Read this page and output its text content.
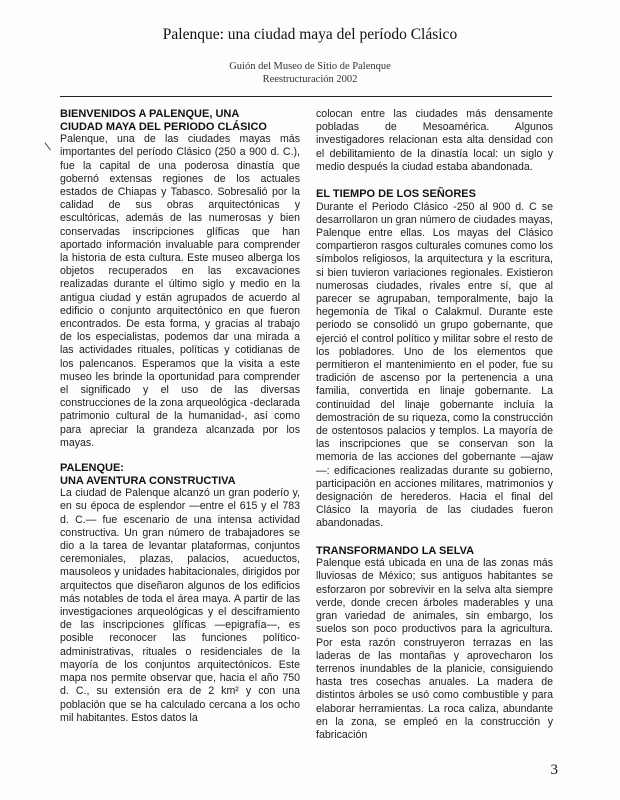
Palenque: una ciudad maya del período Clásico
Guión del Museo de Sitio de Palenque
Reestructuración 2002
\
BIENVENIDOS A PALENQUE, UNA
CIUDAD MAYA DEL PERIODO CLÁSICO

Palenque, una de las ciudades mayas más importantes del período Clásico (250 a 900 d. C.), fue la capital de una poderosa dinastía que gobernó extensas regiones de los actuales estados de Chiapas y Tabasco. Sobresalió por la calidad de sus obras arquitectónicas y escultóricas, además de las numerosas y bien conservadas inscripciones glíficas que han aportado información invaluable para comprender la historia de esta cultura. Este museo alberga los objetos recuperados en las excavaciones realizadas durante el último siglo y medio en la antigua ciudad y están agrupados de acuerdo al edificio o conjunto arquitectónico en que fueron encontrados. De esta forma, y gracias al trabajo de los especialistas, podemos dar una mirada a las actividades rituales, políticas y cotidianas de los palencanos. Esperamos que la visita a este museo les brinde la oportunidad para comprender el significado y el uso de las diversas construcciones de la zona arqueológica -declarada patrimonio cultural de la humanidad-, así como para apreciar la grandeza alcanzada por los mayas.

PALENQUE:
UNA AVENTURA CONSTRUCTIVA

La ciudad de Palenque alcanzó un gran poderío y, en su época de esplendor —entre el 615 y el 783 d. C.— fue escenario de una intensa actividad constructiva. Un gran número de trabajadores se dio a la tarea de levantar plataformas, conjuntos ceremoniales, plazas, palacios, acueductos, mausoleos y unidades habitacionales, dirigidos por arquitectos que diseñaron algunos de los edificios más notables de toda el área maya. A partir de las investigaciones arqueológicas y el desciframiento de las inscripciones glíficas —epigrafía—, es posible reconocer las funciones político-administrativas, rituales o residenciales de la mayoría de los conjuntos arquitectónicos. Este mapa nos permite observar que, hacia el año 750 d. C., su extensión era de 2 km² y con una población que se ha calculado cercana a los ocho mil habitantes. Estos datos la

colocan entre las ciudades más densamente pobladas de Mesoamérica. Algunos investigadores relacionan esta alta densidad con el debilitamiento de la dinastía local: un siglo y medio después la ciudad estaba abandonada.

EL TIEMPO DE LOS SEÑORES

Durante el Periodo Clásico -250 al 900 d. C se desarrollaron un gran número de ciudades mayas, Palenque entre ellas. Los mayas del Clásico compartieron rasgos culturales comunes como los símbolos religiosos, la arquitectura y la escritura, si bien tuvieron variaciones regionales. Existieron numerosas ciudades, rivales entre sí, que al parecer se agrupaban, temporalmente, bajo la hegemonía de Tikal o Calakmul. Durante este periodo se consolidó un grupo gobernante, que ejerció el control político y militar sobre el resto de los pobladores. Uno de los elementos que permitieron el mantenimiento en el poder, fue su tradición de ascenso por la pertenencia a una familia, convertida en linaje gobernante. La continuidad del linaje gobernante incluía la demostración de su riqueza, como la construcción de ostentosos palacios y templos. La mayoría de las inscripciones que se conservan son la memoria de las acciones del gobernante —ajaw—: edificaciones realizadas durante su gobierno, participación en acciones militares, matrimonios y designación de herederos. Hacia el final del Clásico la mayoría de las ciudades fueron abandonadas.

TRANSFORMANDO LA SELVA

Palenque está ubicada en una de las zonas más lluviosas de México; sus antiguos habitantes se esforzaron por sobrevivir en la selva alta siempre verde, donde crecen árboles maderables y una gran variedad de animales, sin embargo, los suelos son poco productivos para la agricultura. Por esta razón construyeron terrazas en las laderas de las montañas y aprovecharon los terrenos inundables de la planicie, consiguiendo hasta tres cosechas anuales. La madera de distintos árboles se usó como combustible y para elaborar herramientas. La roca caliza, abundante en la zona, se empleó en la construcción y fabricación

3
